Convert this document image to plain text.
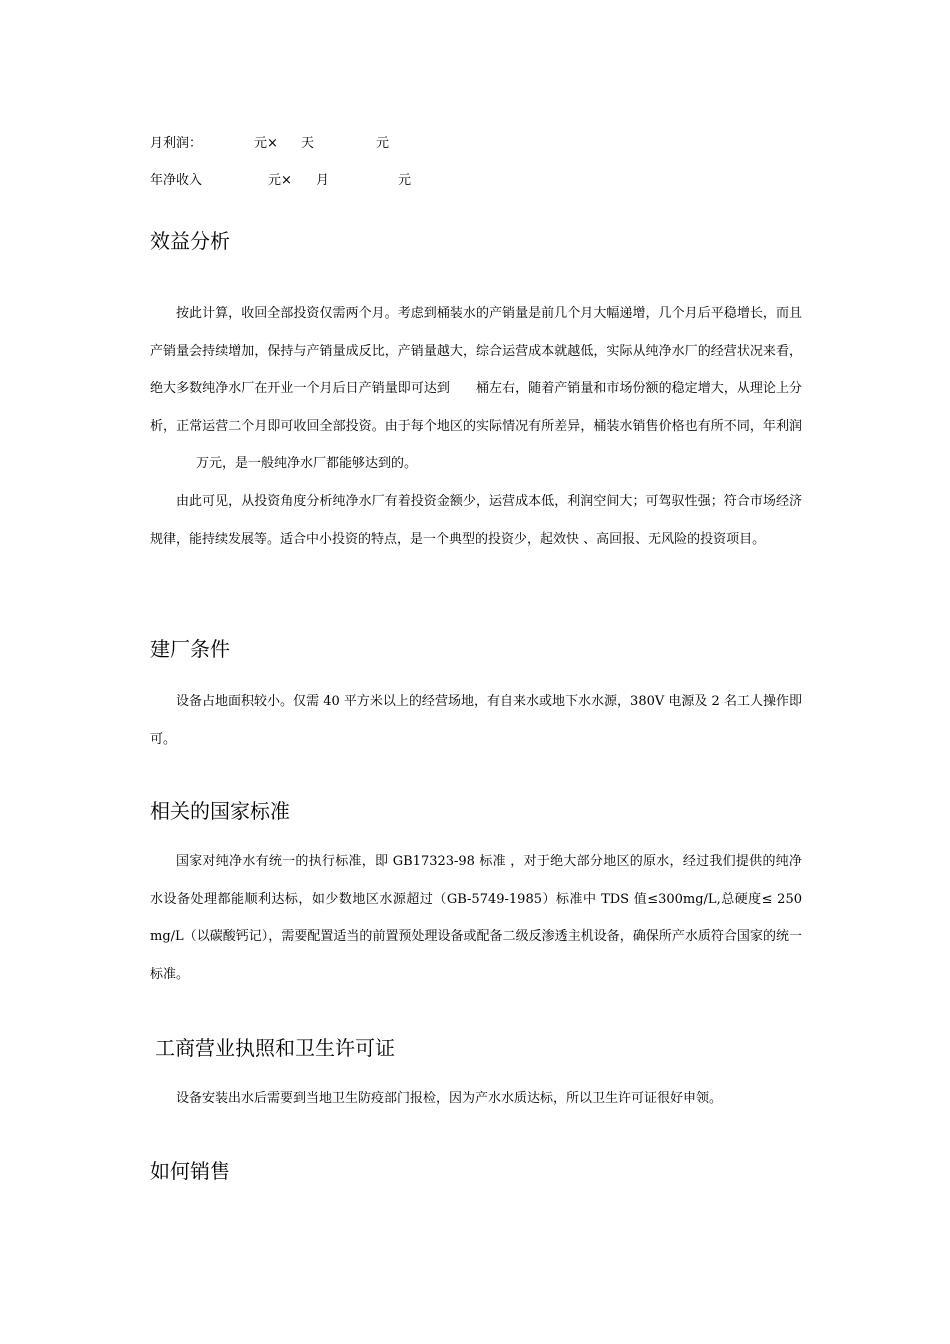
月利润：

	元×

天

	元

年净收入

	元×

月

	元

效益分析
按此计算，收回全部投资仅需两个月。考虑到桶装水的产销量是前几个月大幅递增，几个月后平稳增长，而且产销量会持续增加，保持与产销量成反比，产销量越大，综合运营成本就越低，实际从纯净水厂的经营状况来看，绝大多数纯净水厂在开业一个月后日产销量即可达到 桶左右，随着产销量和市场份额的稳定增大，从理论上分析，正常运营二个月即可收回全部投资。由于每个地区的实际情况有所差异，桶装水销售价格也有所不同，年利润万元，是一般纯净水厂都能够达到的。
由此可见，从投资角度分析纯净水厂有着投资金额少，运营成本低，利润空间大；可驾驭性强；符合市场经济规律，能持续发展等。适合中小投资的特点，是一个典型的投资少，起效快 、高回报、无风险的投资项目。
建厂条件
设备占地面积较小。仅需 40 平方米以上的经营场地，有自来水或地下水水源，380V 电源及 2 名工人操作即可。
相关的国家标准
国家对纯净水有统一的执行标准，即 GB17323-98 标准 ，对于绝大部分地区的原水，经过我们提供的纯净水设备处理都能顺利达标，如少数地区水源超过（GB-5749-1985）标准中 TDS 值≤300mg/L,总硬度≤ 250 mg/L（以碳酸钙记），需要配置适当的前置预处理设备或配备二级反渗透主机设备，确保所产水质符合国家的统一标准。
工商营业执照和卫生许可证
设备安装出水后需要到当地卫生防疫部门报检，因为产水水质达标，所以卫生许可证很好申领。
如何销售
